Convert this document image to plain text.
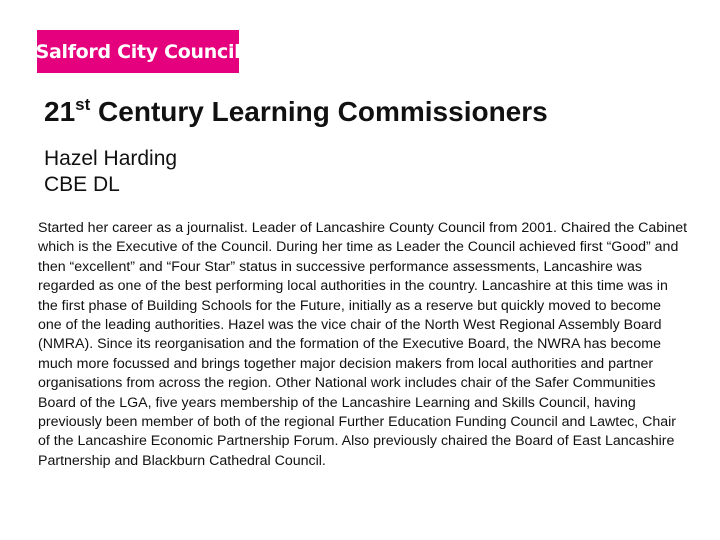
Salford City Council
21st Century Learning Commissioners
Hazel Harding
CBE DL

Started her career as a journalist. Leader of Lancashire County Council from 2001. Chaired the Cabinet which is the Executive of the Council. During her time as Leader the Council achieved first “Good” and then “excellent” and “Four Star” status in successive performance assessments, Lancashire was regarded as one of the best performing local authorities in the country. Lancashire at this time was in the first phase of Building Schools for the Future, initially as a reserve but quickly moved to become one of the leading authorities. Hazel was the vice chair of the North West Regional Assembly Board (NMRA). Since its reorganisation and the formation of the Executive Board, the NWRA has become much more focussed and brings together major decision makers from local authorities and partner organisations from across the region. Other National work includes chair of the Safer Communities Board of the LGA, five years membership of the Lancashire Learning and Skills Council, having previously been member of both of the regional Further Education Funding Council and Lawtec, Chair of the Lancashire Economic Partnership Forum. Also previously chaired the Board of East Lancashire Partnership and Blackburn Cathedral Council.
